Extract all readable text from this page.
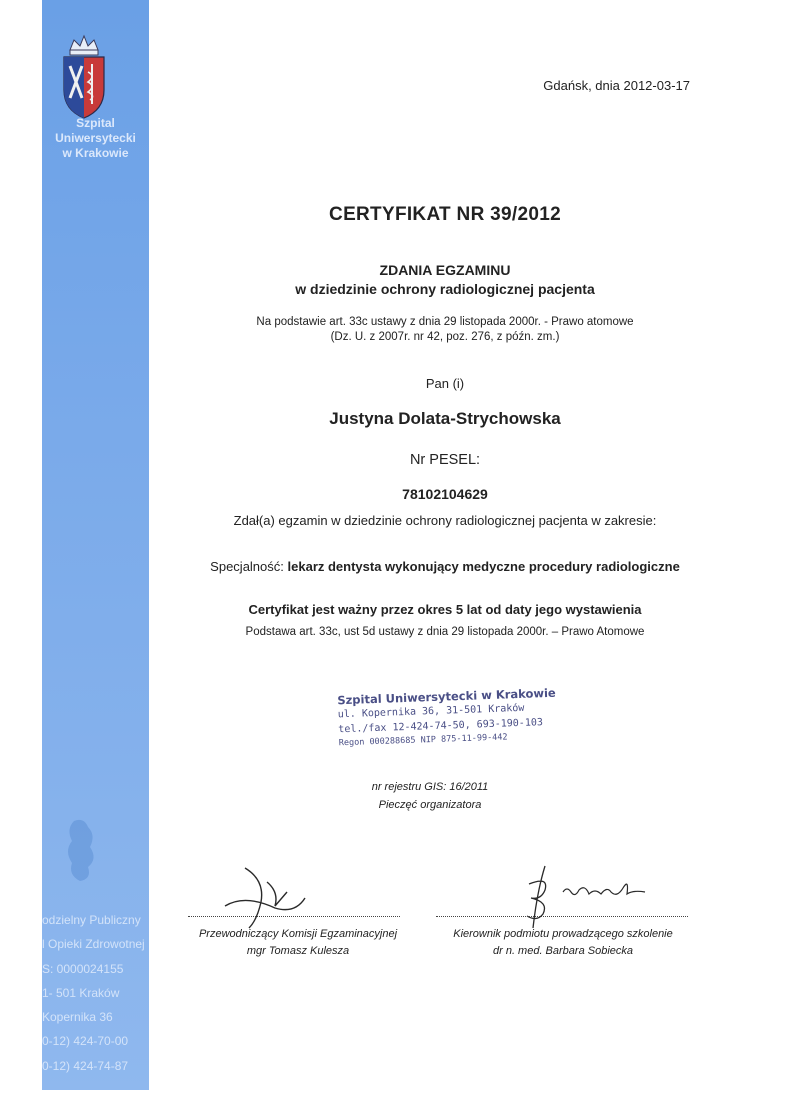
Szpital
Uniwersytecki
w Krakowie
odzielny Publiczny
l Opieki Zdrowotnej
S: 0000024155
1- 501 Kraków
Kopernika 36
0-12) 424-70-00
0-12) 424-74-87
Gdańsk, dnia 2012-03-17
CERTYFIKAT NR 39/2012
ZDANIA EGZAMINU
w dziedzinie ochrony radiologicznej pacjenta
Na podstawie art. 33c ustawy z dnia 29 listopada 2000r. - Prawo atomowe
(Dz. U. z 2007r. nr 42, poz. 276, z późn. zm.)
Pan (i)
Justyna Dolata-Strychowska
Nr PESEL:
78102104629
Zdał(a) egzamin w dziedzinie ochrony radiologicznej pacjenta w zakresie:
Specjalność: lekarz dentysta wykonujący medyczne procedury radiologiczne
Certyfikat jest ważny przez okres 5 lat od daty jego wystawienia
Podstawa art. 33c, ust 5d ustawy z dnia 29 listopada 2000r. – Prawo Atomowe
Szpital Uniwersytecki w Krakowie
ul. Kopernika 36, 31-501 Kraków
tel./fax 12-424-74-50, 693-190-103
Regon 000288685 NIP 875-11-99-442
nr rejestru GIS: 16/2011
Pieczęć organizatora
Przewodniczący Komisji Egzaminacyjnej
mgr Tomasz Kulesza
Kierownik podmiotu prowadzącego szkolenie
dr n. med. Barbara Sobiecka
